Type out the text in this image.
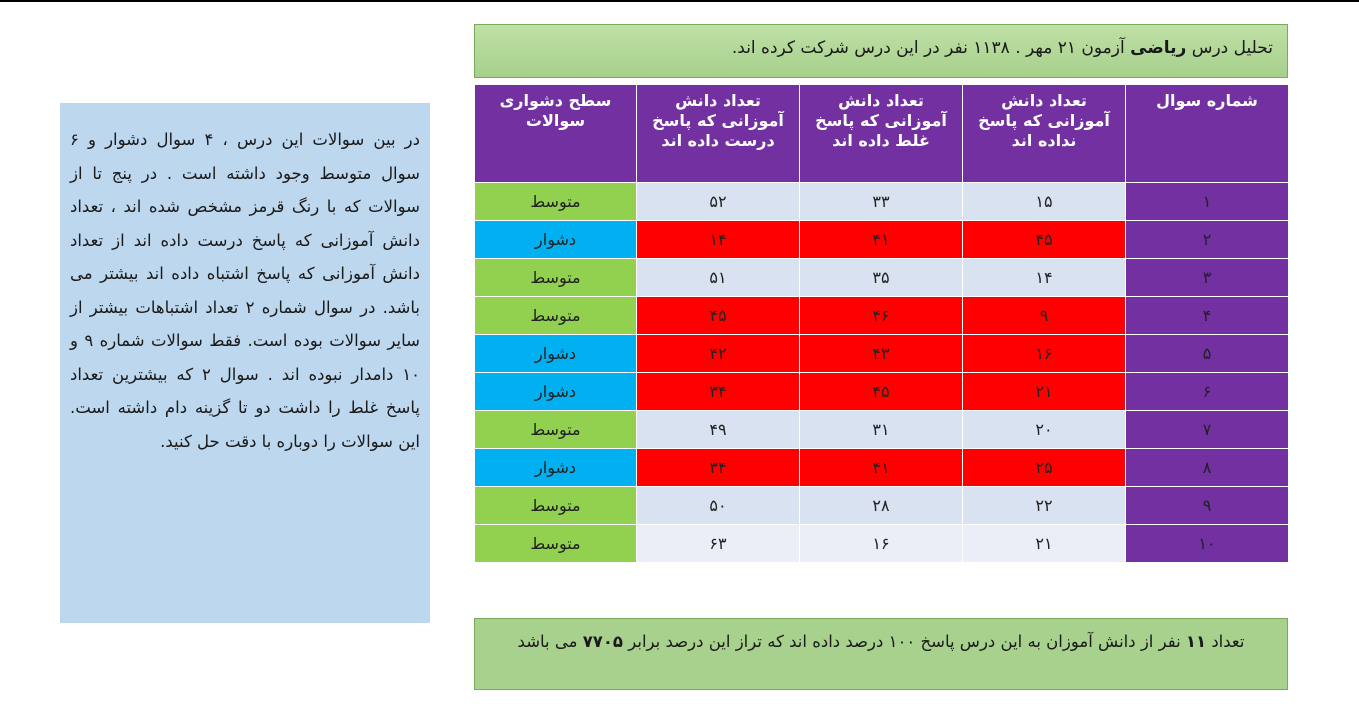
تحلیل درس ریاضی آزمون ۲۱ مهر . ۱۱۳۸ نفر در این درس شرکت کرده اند.
شماره سوال	تعداد دانش آموزانی که پاسخ نداده اند	تعداد دانش آموزانی که پاسخ غلط داده اند	تعداد دانش آموزانی که پاسخ درست داده اند	سطح دشواری سوالات
۱	۱۵	۳۳	۵۲	متوسط
۲	۴۵	۴۱	۱۴	دشوار
۳	۱۴	۳۵	۵۱	متوسط
۴	۹	۴۶	۴۵	متوسط
۵	۱۶	۴۳	۴۲	دشوار
۶	۲۱	۴۵	۳۴	دشوار
۷	۲۰	۳۱	۴۹	متوسط
۸	۲۵	۴۱	۳۴	دشوار
۹	۲۲	۲۸	۵۰	متوسط
۱۰	۲۱	۱۶	۶۳	متوسط
در بین سوالات این درس ، ۴ سوال دشوار و ۶ سوال متوسط وجود داشته است . در پنج تا از سوالات که با رنگ قرمز مشخص شده اند ، تعداد دانش آموزانی که پاسخ درست داده اند از تعداد دانش آموزانی که پاسخ اشتباه داده اند بیشتر می باشد. در سوال شماره ۲ تعداد اشتباهات بیشتر از سایر سوالات بوده است. فقط سوالات شماره ۹ و ۱۰ دامدار نبوده اند . سوال ۲ که بیشترین تعداد پاسخ غلط را داشت دو تا گزینه دام داشته است. این سوالات را دوباره با دقت حل کنید.
تعداد ۱۱ نفر از دانش آموزان به این درس پاسخ ۱۰۰ درصد داده اند که تراز این درصد برابر ۷۷۰۵ می باشد
